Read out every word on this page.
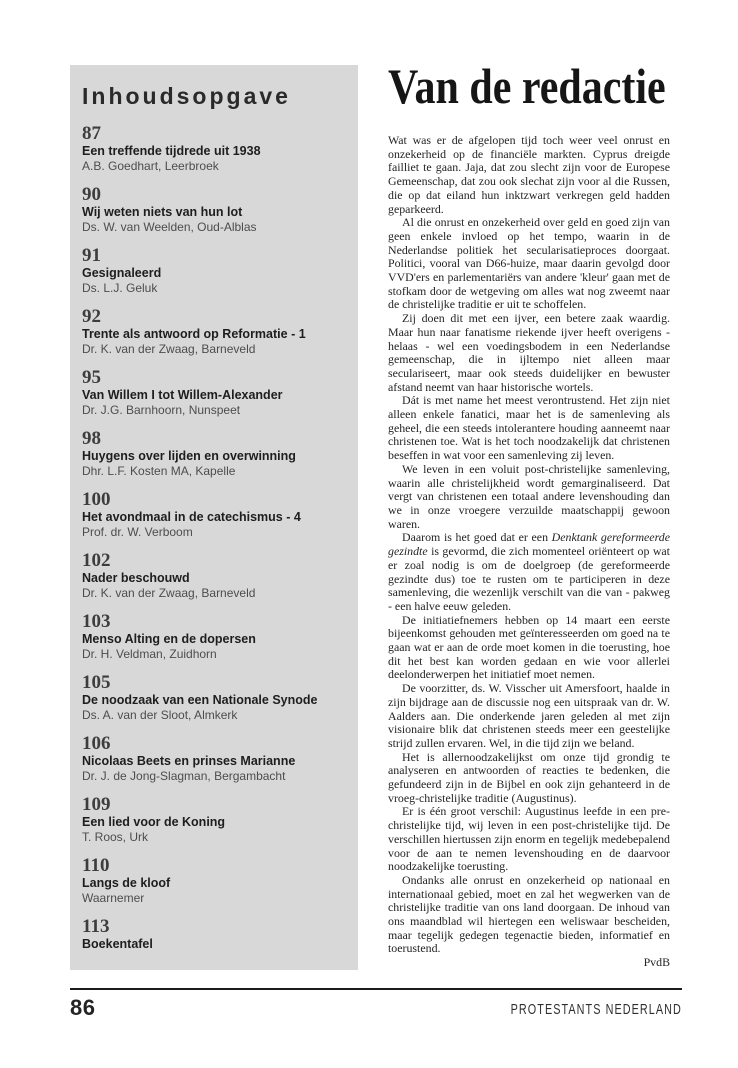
Inhoudsopgave
87
Een treffende tijdrede uit 1938
A.B. Goedhart, Leerbroek
90
Wij weten niets van hun lot
Ds. W. van Weelden, Oud-Alblas
91
Gesignaleerd
Ds. L.J. Geluk
92
Trente als antwoord op Reformatie - 1
Dr. K. van der Zwaag, Barneveld
95
Van Willem I tot Willem-Alexander
Dr. J.G. Barnhoorn, Nunspeet
98
Huygens over lijden en overwinning
Dhr. L.F. Kosten MA, Kapelle
100
Het avondmaal in de catechismus - 4
Prof. dr. W. Verboom
102
Nader beschouwd
Dr. K. van der Zwaag, Barneveld
103
Menso Alting en de dopersen
Dr. H. Veldman, Zuidhorn
105
De noodzaak van een Nationale Synode
Ds. A. van der Sloot, Almkerk
106
Nicolaas Beets en prinses Marianne
Dr. J. de Jong-Slagman, Bergambacht
109
Een lied voor de Koning
T. Roos, Urk
110
Langs de kloof
Waarnemer
113
Boekentafel
Van de redactie

Wat was er de afgelopen tijd toch weer veel onrust en onzekerheid op de financiële markten. Cyprus dreigde failliet te gaan. Jaja, dat zou slecht zijn voor de Europese Gemeenschap, dat zou ook slechat zijn voor al die Russen, die op dat eiland hun inktzwart verkregen geld hadden geparkeerd.

Al die onrust en onzekerheid over geld en goed zijn van geen enkele invloed op het tempo, waarin in de Nederlandse politiek het secularisatieproces doorgaat. Politici, vooral van D66-huize, maar daarin gevolgd door VVD'ers en parlementariërs van andere 'kleur' gaan met de stofkam door de wetgeving om alles wat nog zweemt naar de christelijke traditie er uit te schoffelen.

Zij doen dit met een ijver, een betere zaak waardig. Maar hun naar fanatisme riekende ijver heeft overigens - helaas - wel een voedingsbodem in een Nederlandse gemeenschap, die in ijltempo niet alleen maar seculariseert, maar ook steeds duidelijker en bewuster afstand neemt van haar historische wortels.

Dát is met name het meest verontrustend. Het zijn niet alleen enkele fanatici, maar het is de samenleving als geheel, die een steeds intolerantere houding aanneemt naar christenen toe. Wat is het toch noodzakelijk dat christenen beseffen in wat voor een samenleving zij leven.

We leven in een voluit post-christelijke samenleving, waarin alle christelijkheid wordt gemarginaliseerd. Dat vergt van christenen een totaal andere levenshouding dan we in onze vroegere verzuilde maatschappij gewoon waren.

Daarom is het goed dat er een Denktank gereformeerde gezindte is gevormd, die zich momenteel oriënteert op wat er zoal nodig is om de doelgroep (de gereformeerde gezindte dus) toe te rusten om te participeren in deze samenleving, die wezenlijk verschilt van die van - pakweg - een halve eeuw geleden.

De initiatiefnemers hebben op 14 maart een eerste bijeenkomst gehouden met geïnteresseerden om goed na te gaan wat er aan de orde moet komen in die toerusting, hoe dit het best kan worden gedaan en wie voor allerlei deelonderwerpen het initiatief moet nemen.

De voorzitter, ds. W. Visscher uit Amersfoort, haalde in zijn bijdrage aan de discussie nog een uitspraak van dr. W. Aalders aan. Die onderkende jaren geleden al met zijn visionaire blik dat christenen steeds meer een geestelijke strijd zullen ervaren. Wel, in die tijd zijn we beland.

Het is allernoodzakelijkst om onze tijd grondig te analyseren en antwoorden of reacties te bedenken, die gefundeerd zijn in de Bijbel en ook zijn gehanteerd in de vroeg-christelijke traditie (Augustinus).

Er is één groot verschil: Augustinus leefde in een pre-christelijke tijd, wij leven in een post-christelijke tijd. De verschillen hiertussen zijn enorm en tegelijk medebepalend voor de aan te nemen levenshouding en de daarvoor noodzakelijke toerusting.

Ondanks alle onrust en onzekerheid op nationaal en internationaal gebied, moet en zal het wegwerken van de christelijke traditie van ons land doorgaan. De inhoud van ons maandblad wil hiertegen een weliswaar bescheiden, maar tegelijk gedegen tegenactie bieden, informatief en toerustend.

PvdB

86	PROTESTANTS NEDERLAND
